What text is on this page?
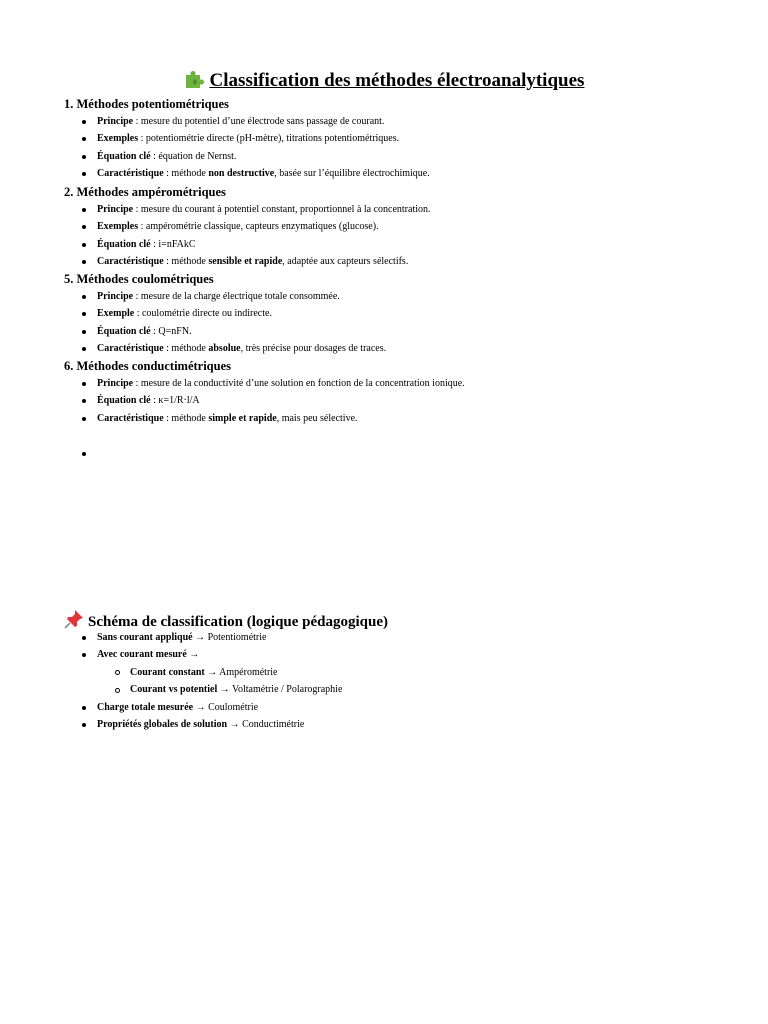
Classification des méthodes électroanalytiques
1. Méthodes potentiométriques
Principe : mesure du potentiel d’une électrode sans passage de courant.
Exemples : potentiométrie directe (pH-mètre), titrations potentiométriques.
Équation clé : équation de Nernst.
Caractéristique : méthode non destructive, basée sur l’équilibre électrochimique.
2. Méthodes ampérométriques
Principe : mesure du courant à potentiel constant, proportionnel à la concentration.
Exemples : ampérométrie classique, capteurs enzymatiques (glucose).
Équation clé : i=nFAkC
Caractéristique : méthode sensible et rapide, adaptée aux capteurs sélectifs.
5. Méthodes coulométriques
Principe : mesure de la charge électrique totale consommée.
Exemple : coulométrie directe ou indirecte.
Équation clé : Q=nFN.
Caractéristique : méthode absolue, très précise pour dosages de traces.
6. Méthodes conductimétriques
Principe : mesure de la conductivité d’une solution en fonction de la concentration ionique.
Équation clé : κ=1/R·l/A
Caractéristique : méthode simple et rapide, mais peu sélective.
Schéma de classification (logique pédagogique)
Sans courant appliqué → Potentiométrie
Avec courant mesuré →
Courant constant → Ampérométrie
Courant vs potentiel → Voltamétrie / Polarographie
Charge totale mesurée → Coulométrie
Propriétés globales de solution → Conductimétrie
